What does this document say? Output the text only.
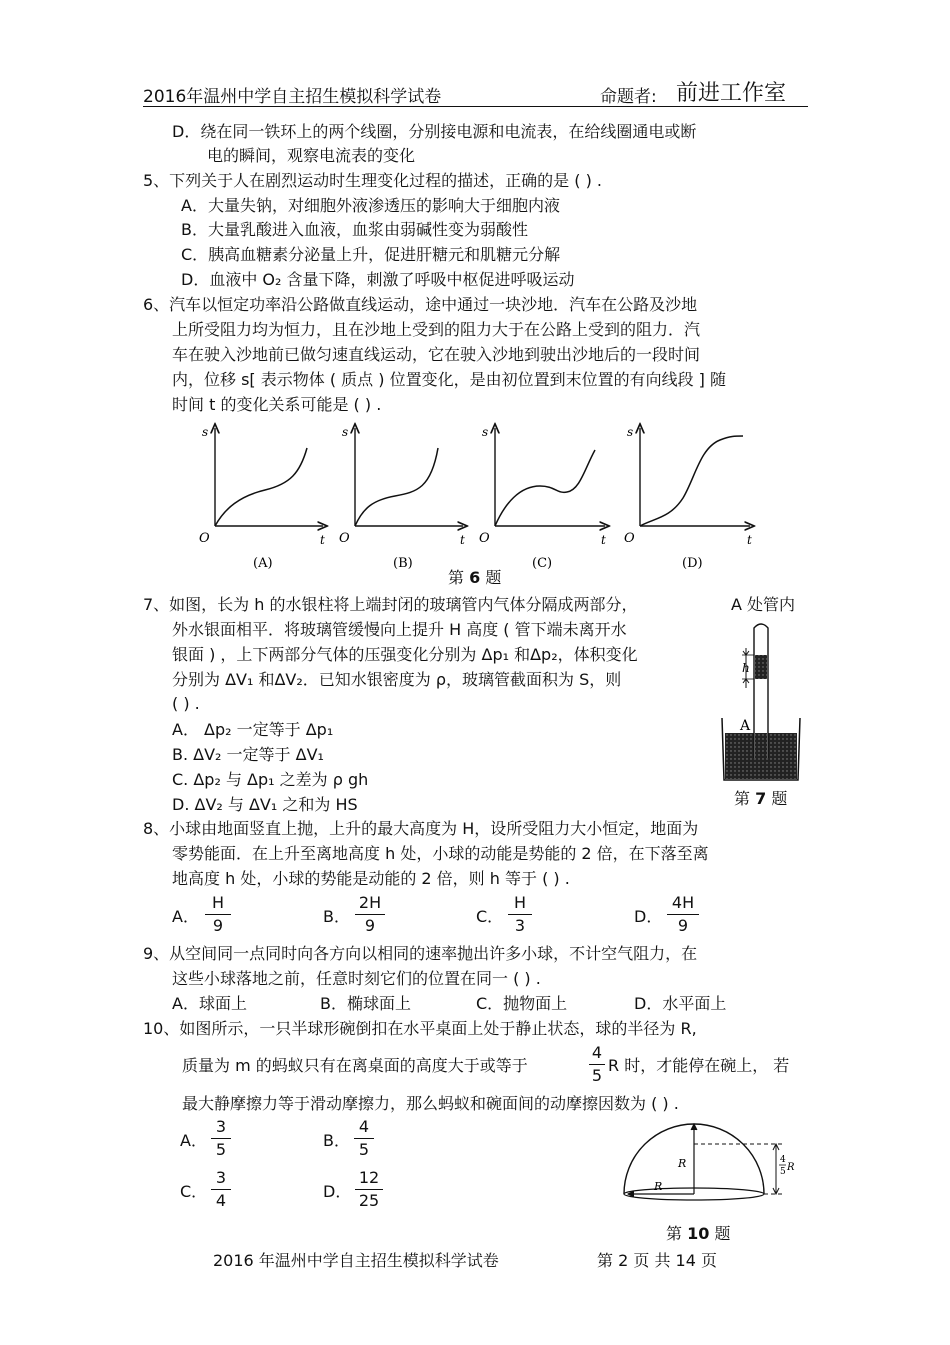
2016年温州中学自主招生模拟科学试卷	命题者: 前进工作室
D．绕在同一铁环上的两个线圈，分别接电源和电流表，在给线圈通电或断
电的瞬间，观察电流表的变化
5、下列关于人在剧烈运动时生理变化过程的描述，正确的是 ( ) .
A．大量失钠，对细胞外液渗透压的影响大于细胞内液
B．大量乳酸进入血液，血浆由弱碱性变为弱酸性
C．胰高血糖素分泌量上升，促进肝糖元和肌糖元分解
D．血液中 O₂ 含量下降，刺激了呼吸中枢促进呼吸运动
6、汽车以恒定功率沿公路做直线运动，途中通过一块沙地．汽车在公路及沙地
上所受阻力均为恒力，且在沙地上受到的阻力大于在公路上受到的阻力．汽
车在驶入沙地前已做匀速直线运动，它在驶入沙地到驶出沙地后的一段时间
内，位移 s[ 表示物体 ( 质点 ) 位置变化，是由初位置到末位置的有向线段 ] 随
时间 t 的变化关系可能是 ( ) .
s
O	t
(A)
s
O	t
(B)
s
O	t
(C)
s
O	t
(D)
第 6 题
7、如图，长为 h 的水银柱将上端封闭的玻璃管内气体分隔成两部分，	A 处管内
外水银面相平．将玻璃管缓慢向上提升 H 高度 ( 管下端未离开水
银面 ) ，上下两部分气体的压强变化分别为 Δp₁ 和Δp₂，体积变化
分别为 ΔV₁ 和ΔV₂．已知水银密度为 ρ，玻璃管截面积为 S，则
( ) .
A． Δp₂ 一定等于 Δp₁
B. ΔV₂ 一定等于 ΔV₁
C. Δp₂ 与 Δp₁ 之差为 ρ gh
D. ΔV₂ 与 ΔV₁ 之和为 HS
h
A
第 7 题
8、小球由地面竖直上抛，上升的最大高度为 H，设所受阻力大小恒定，地面为
零势能面．在上升至离地高度 h 处，小球的动能是势能的 2 倍，在下落至离
地高度 h 处，小球的势能是动能的 2 倍，则 h 等于 ( ) .
A．
H
9	B．
2H
9	C．
H
3	D．
4H
9
9、从空间同一点同时向各方向以相同的速率抛出许多小球，不计空气阻力，在
这些小球落地之前，任意时刻它们的位置在同一 ( ) .
A．球面上	B．椭球面上	C．抛物面上	D．水平面上
10、如图所示，一只半球形碗倒扣在水平桌面上处于静止状态，球的半径为 R,
质量为 m 的蚂蚁只有在离桌面的高度大于或等于
4
5
R 时，才能停在碗上， 若
最大静摩擦力等于滑动摩擦力，那么蚂蚁和碗面间的动摩擦因数为 ( ) .
A．
3
5	B．
4
5
C．
3
4	D．
12
25
R
R
4
5 R
第 10 题
2016 年温州中学自主招生模拟科学试卷	第 2 页 共 14 页
